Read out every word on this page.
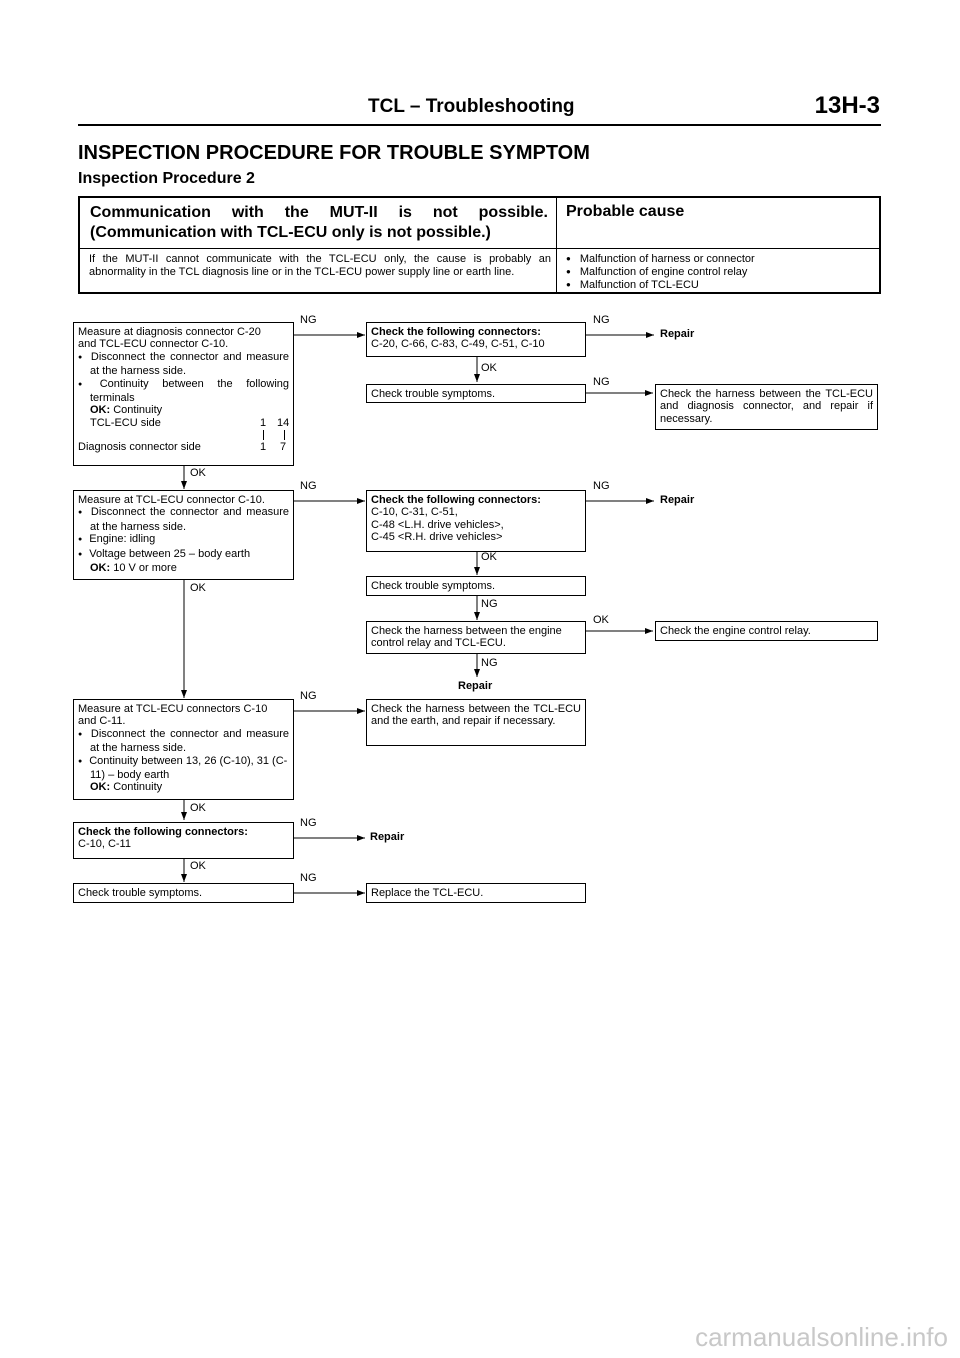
TCL – Troubleshooting	13H-3
INSPECTION PROCEDURE FOR TROUBLE SYMPTOM
Inspection Procedure 2
Communication with the MUT-II is not possible.
(Communication with TCL-ECU only is not possible.)
Probable cause
If the MUT-II cannot communicate with the TCL-ECU only, the cause is probably an abnormality in the TCL diagnosis line or in the TCL-ECU power supply line or earth line.
● Malfunction of harness or connector
● Malfunction of engine control relay
● Malfunction of TCL-ECU
Measure at diagnosis connector C-20
and TCL-ECU connector C-10.
● Disconnect the connector and measure at the harness side.
● Continuity between the following terminals
OK: Continuity
TCL-ECU side	1 14
Diagnosis connector side	1 7
NG
Check the following connectors:
C-20, C-66, C-83, C-49, C-51, C-10
NG
Repair
OK
Check trouble symptoms.
NG
Check the harness between the TCL-ECU and diagnosis connector, and repair if necessary.
OK
Measure at TCL-ECU connector C-10.
● Disconnect the connector and measure at the harness side.
● Engine: idling
● Voltage between 25 – body earth
OK: 10 V or more
OK
NG
Check the following connectors:
C-10, C-31, C-51,
C-48 <L.H. drive vehicles>,
C-45 <R.H. drive vehicles>
NG
Repair
OK
Check trouble symptoms.
NG
Check the harness between the engine control relay and TCL-ECU.
OK
Check the engine control relay.
NG
Repair
Measure at TCL-ECU connectors C-10
and C-11.
● Disconnect the connector and measure at the harness side.
● Continuity between 13, 26 (C-10), 31 (C-11) – body earth
OK: Continuity
NG
Check the harness between the TCL-ECU and the earth, and repair if necessary.
OK
Check the following connectors:
C-10, C-11
NG
Repair
OK
Check trouble symptoms.
NG
Replace the TCL-ECU.
carmanualsonline.info
